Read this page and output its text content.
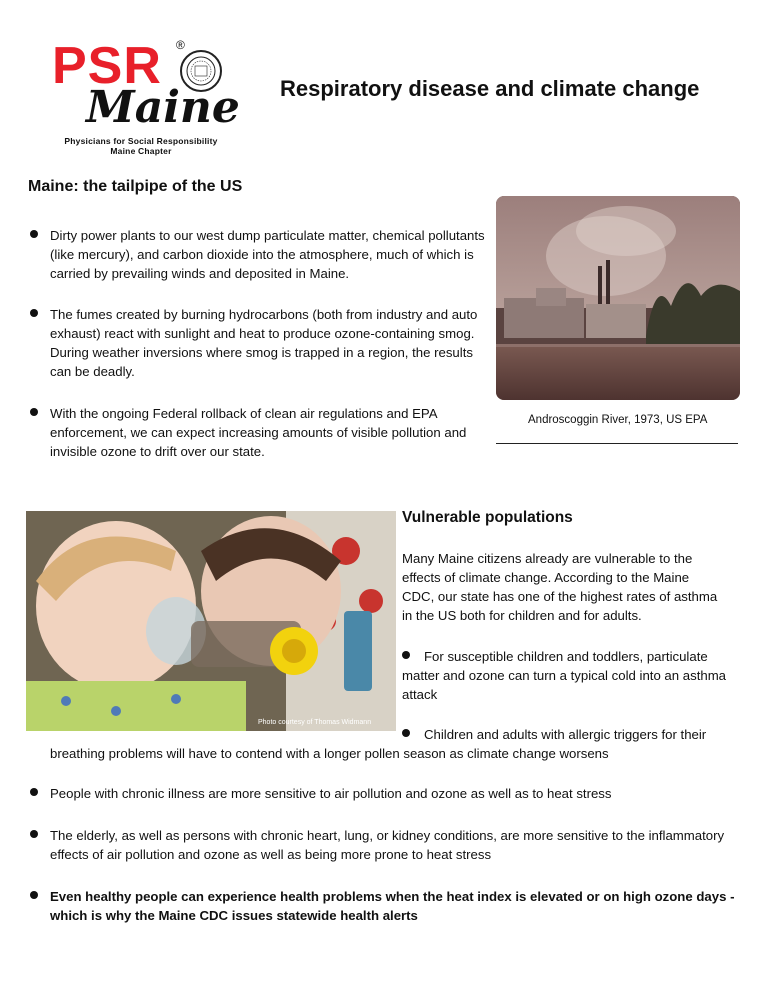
PSR ®
Maine
Physicians for Social Responsibility
Maine Chapter
Respiratory disease and climate change
Maine: the tailpipe of the US
Dirty power plants to our west dump particulate matter, chemical pollutants (like mercury), and carbon dioxide into the atmosphere, much of which is carried by prevailing winds and deposited in Maine.
The fumes created by burning hydrocarbons (both from industry and auto exhaust) react with sunlight and heat to produce ozone-containing smog. During weather inversions where smog is trapped in a region, the results can be deadly.
With the ongoing Federal rollback of clean air regulations and EPA enforcement, we can expect increasing amounts of visible pollution and invisible ozone to drift over our state.
Androscoggin River, 1973, US EPA
Photo courtesy of Thomas Widmann
Vulnerable populations
Many Maine citizens already are vulnerable to the effects of climate change. According to the Maine CDC, our state has one of the highest rates of asthma in the US both for children and for adults.
For susceptible children and toddlers, particulate matter and ozone can turn a typical cold into an asthma attack
Children and adults with allergic triggers for their
breathing problems will have to contend with a longer pollen season as climate change worsens
People with chronic illness are more sensitive to air pollution and ozone as well as to heat stress
The elderly, as well as persons with chronic heart, lung, or kidney conditions, are more sensitive to the inflammatory effects of air pollution and ozone as well as being more prone to heat stress
Even healthy people can experience health problems when the heat index is elevated or on high ozone days - which is why the Maine CDC issues statewide health alerts
